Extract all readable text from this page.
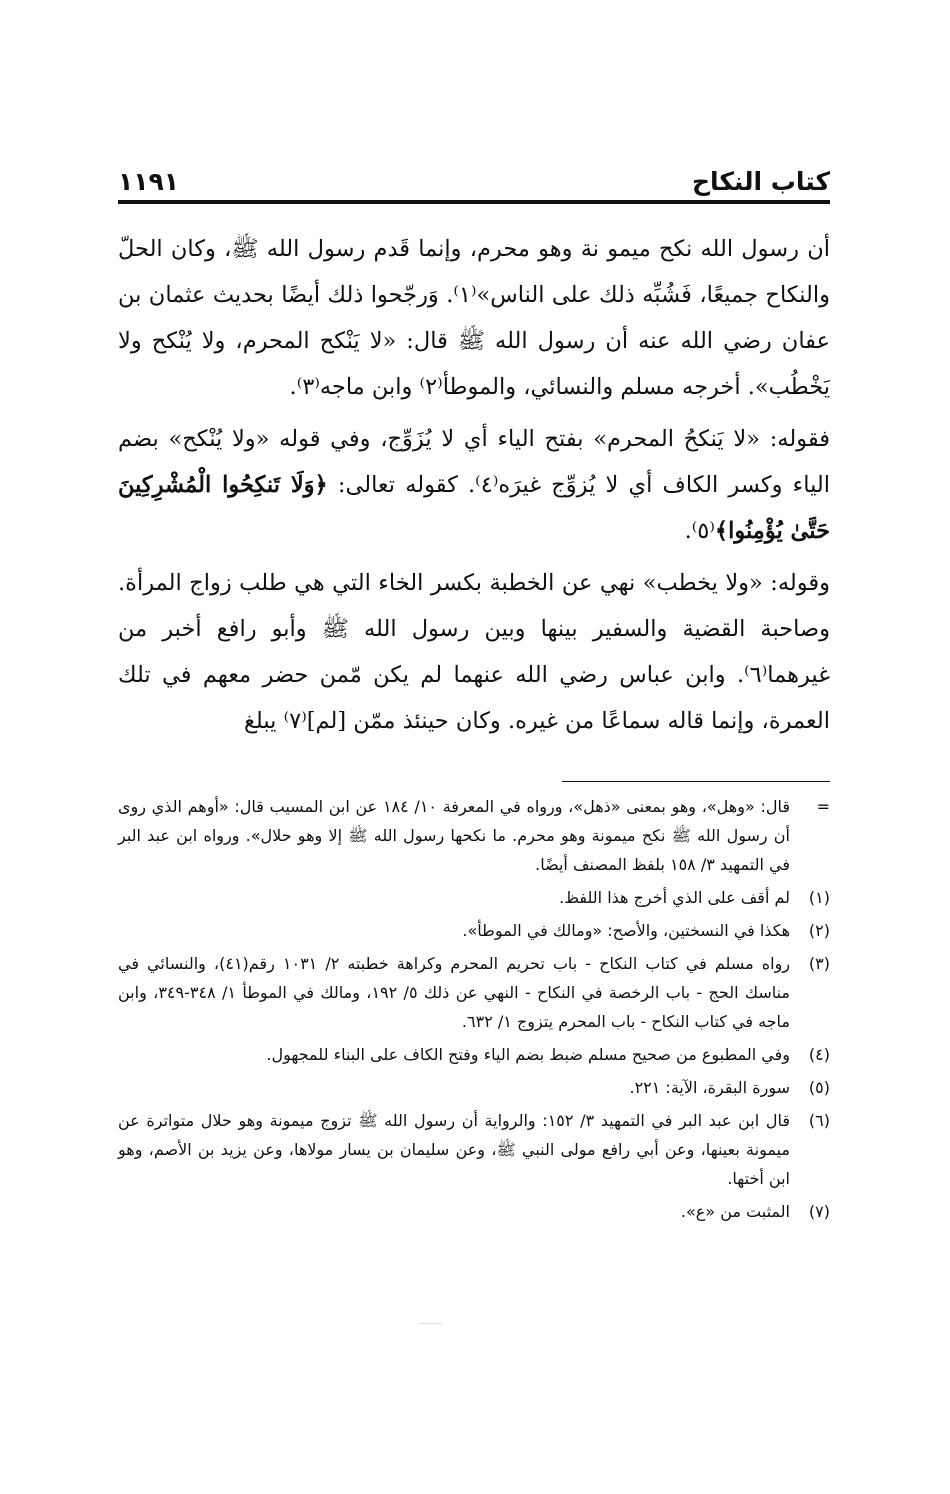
كتاب النكاح
١١٩١

أن رسول الله نكح ميمو نة وهو محرم، وإنما قَدم رسول الله ﷺ، وكان الحلّ والنكاح جميعًا، فَشُبِّه ذلك على الناس»⁽١⁾. وَرجّحوا ذلك أيضًا بحديث عثمان بن عفان رضي الله عنه أن رسول الله ﷺ قال: «لا يَنْكح المحرم، ولا يُنْكح ولا يَخْطُب». أخرجه مسلم والنسائي، والموطأ⁽٢⁾ وابن ماجه⁽٣⁾.

فقوله: «لا يَنكحُ المحرم» بفتح الياء أي لا يُزَوِّج، وفي قوله «ولا يُنْكح» بضم الياء وكسر الكاف أي لا يُزوِّج غيرَه⁽٤⁾. كقوله تعالى: ﴿وَلَا تَنكِحُوا الْمُشْرِكِينَ حَتَّىٰ يُؤْمِنُوا﴾⁽٥⁾.

وقوله: «ولا يخطب» نهي عن الخطبة بكسر الخاء التي هي طلب زواج المرأة. وصاحبة القضية والسفير بينها وبين رسول الله ﷺ وأبو رافع أخبر من غيرهما⁽٦⁾. وابن عباس رضي الله عنهما لم يكن مّمن حضر معهم في تلك العمرة، وإنما قاله سماعًا من غيره. وكان حينئذ ممّن [لم]⁽٧⁾ يبلغ

=
قال: «وهل»، وهو بمعنى «ذهل»، ورواه في المعرفة ١٠/ ١٨٤ عن ابن المسيب قال: «أوهم الذي روى أن رسول الله ﷺ نكح ميمونة وهو محرم. ما نكحها رسول الله ﷺ إلا وهو حلال». ورواه ابن عبد البر في التمهيد ٣/ ١٥٨ بلفظ المصنف أيضًا.
(١)
لم أقف على الذي أخرج هذا اللفظ.
(٢)
هكذا في النسختين، والأصح: «ومالك في الموطأ».
(٣)
رواه مسلم في كتاب النكاح - باب تحريم المحرم وكراهة خطبته ٢/ ١٠٣١ رقم(٤١)، والنسائي في مناسك الحج - باب الرخصة في النكاح - النهي عن ذلك ٥/ ١٩٢، ومالك في الموطأ ١/ ٣٤٨-٣٤٩، وابن ماجه في كتاب النكاح - باب المحرم يتزوج ١/ ٦٣٢.
(٤)
وفي المطبوع من صحيح مسلم ضبط بضم الياء وفتح الكاف على البناء للمجهول.
(٥)
سورة البقرة، الآية: ٢٢١.
(٦)
قال ابن عبد البر في التمهيد ٣/ ١٥٢: والرواية أن رسول الله ﷺ تزوج ميمونة وهو حلال متواترة عن ميمونة بعينها، وعن أبي رافع مولى النبي ﷺ، وعن سليمان بن يسار مولاها، وعن يزيد بن الأصم، وهو ابن أختها.
(٧)
المثبت من «ع».
